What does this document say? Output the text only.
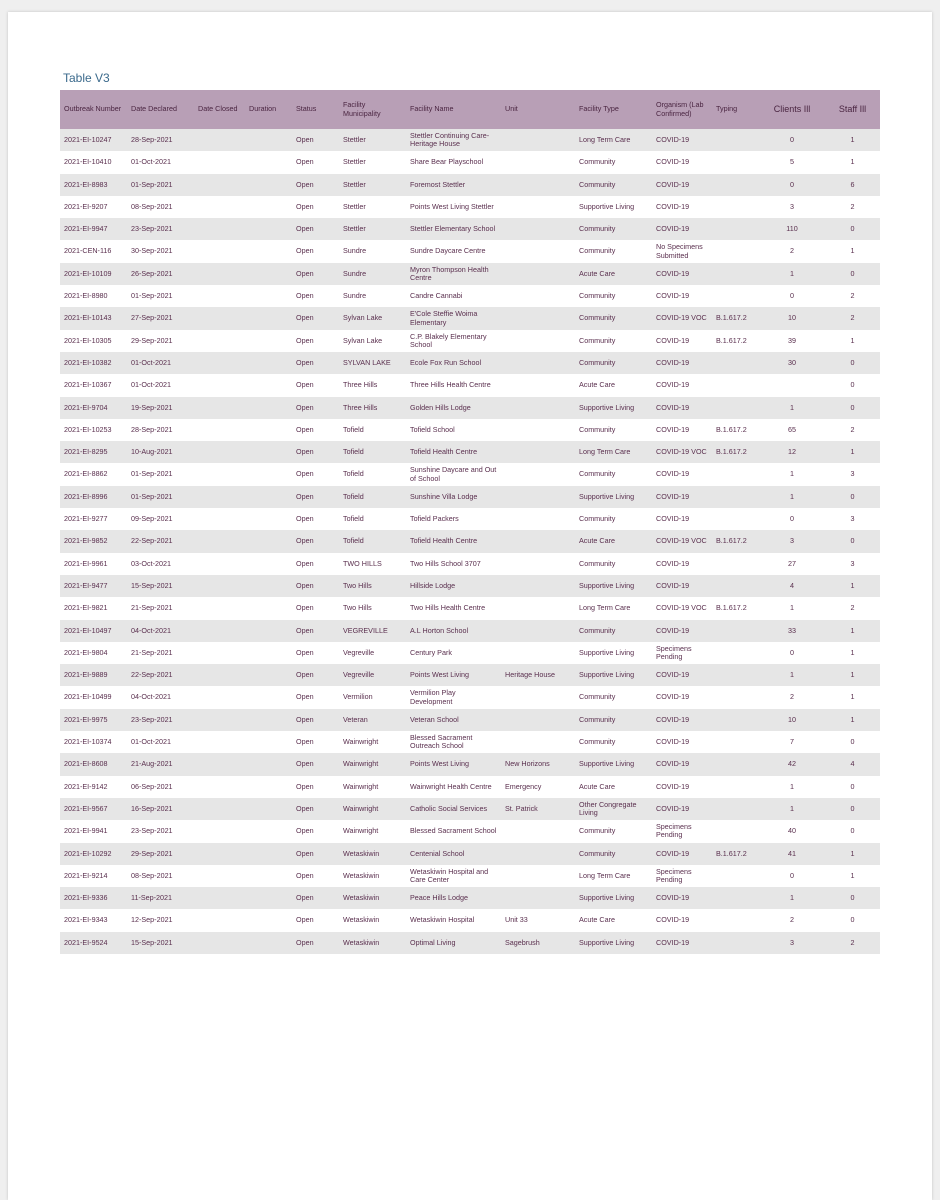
Table V3
Outbreak Number	Date Declared	Date Closed	Duration	Status	Facility Municipality	Facility Name	Unit	Facility Type	Organism (Lab Confirmed)	Typing	Clients Ill	Staff Ill
2021-EI-10247	28-Sep-2021			Open	Stettler	Stettler Continuing Care-Heritage House		Long Term Care	COVID-19		0	1
2021-EI-10410	01-Oct-2021			Open	Stettler	Share Bear Playschool		Community	COVID-19		5	1
2021-EI-8983	01-Sep-2021			Open	Stettler	Foremost Stettler		Community	COVID-19		0	6
2021-EI-9207	08-Sep-2021			Open	Stettler	Points West Living Stettler		Supportive Living	COVID-19		3	2
2021-EI-9947	23-Sep-2021			Open	Stettler	Stettler Elementary School		Community	COVID-19		110	0
2021-CEN-116	30-Sep-2021			Open	Sundre	Sundre Daycare Centre		Community	No Specimens Submitted		2	1
2021-EI-10109	26-Sep-2021			Open	Sundre	Myron Thompson Health Centre		Acute Care	COVID-19		1	0
2021-EI-8980	01-Sep-2021			Open	Sundre	Candre Cannabi		Community	COVID-19		0	2
2021-EI-10143	27-Sep-2021			Open	Sylvan Lake	E'Cole Steffie Woima Elementary		Community	COVID-19 VOC	B.1.617.2	10	2
2021-EI-10305	29-Sep-2021			Open	Sylvan Lake	C.P. Blakely Elementary School		Community	COVID-19	B.1.617.2	39	1
2021-EI-10382	01-Oct-2021			Open	SYLVAN LAKE	Ecole Fox Run School		Community	COVID-19		30	0
2021-EI-10367	01-Oct-2021			Open	Three Hills	Three Hills Health Centre		Acute Care	COVID-19			0
2021-EI-9704	19-Sep-2021			Open	Three Hills	Golden Hills Lodge		Supportive Living	COVID-19		1	0
2021-EI-10253	28-Sep-2021			Open	Tofield	Tofield School		Community	COVID-19	B.1.617.2	65	2
2021-EI-8295	10-Aug-2021			Open	Tofield	Tofield Health Centre		Long Term Care	COVID-19 VOC	B.1.617.2	12	1
2021-EI-8862	01-Sep-2021			Open	Tofield	Sunshine Daycare and Out of School		Community	COVID-19		1	3
2021-EI-8996	01-Sep-2021			Open	Tofield	Sunshine Villa Lodge		Supportive Living	COVID-19		1	0
2021-EI-9277	09-Sep-2021			Open	Tofield	Tofield Packers		Community	COVID-19		0	3
2021-EI-9852	22-Sep-2021			Open	Tofield	Tofield Health Centre		Acute Care	COVID-19 VOC	B.1.617.2	3	0
2021-EI-9961	03-Oct-2021			Open	TWO HILLS	Two Hills School 3707		Community	COVID-19		27	3
2021-EI-9477	15-Sep-2021			Open	Two Hills	Hillside Lodge		Supportive Living	COVID-19		4	1
2021-EI-9821	21-Sep-2021			Open	Two Hills	Two Hills Health Centre		Long Term Care	COVID-19 VOC	B.1.617.2	1	2
2021-EI-10497	04-Oct-2021			Open	VEGREVILLE	A.L Horton School		Community	COVID-19		33	1
2021-EI-9804	21-Sep-2021			Open	Vegreville	Century Park		Supportive Living	Specimens Pending		0	1
2021-EI-9889	22-Sep-2021			Open	Vegreville	Points West Living	Heritage House	Supportive Living	COVID-19		1	1
2021-EI-10499	04-Oct-2021			Open	Vermilion	Vermilion Play Development		Community	COVID-19		2	1
2021-EI-9975	23-Sep-2021			Open	Veteran	Veteran School		Community	COVID-19		10	1
2021-EI-10374	01-Oct-2021			Open	Wainwright	Blessed Sacrament Outreach School		Community	COVID-19		7	0
2021-EI-8608	21-Aug-2021			Open	Wainwright	Points West Living	New Horizons	Supportive Living	COVID-19		42	4
2021-EI-9142	06-Sep-2021			Open	Wainwright	Wainwright Health Centre	Emergency	Acute Care	COVID-19		1	0
2021-EI-9567	16-Sep-2021			Open	Wainwright	Catholic Social Services	St. Patrick	Other Congregate Living	COVID-19		1	0
2021-EI-9941	23-Sep-2021			Open	Wainwright	Blessed Sacrament School		Community	Specimens Pending		40	0
2021-EI-10292	29-Sep-2021			Open	Wetaskiwin	Centenial School		Community	COVID-19	B.1.617.2	41	1
2021-EI-9214	08-Sep-2021			Open	Wetaskiwin	Wetaskiwin Hospital and Care Center		Long Term Care	Specimens Pending		0	1
2021-EI-9336	11-Sep-2021			Open	Wetaskiwin	Peace Hills Lodge		Supportive Living	COVID-19		1	0
2021-EI-9343	12-Sep-2021			Open	Wetaskiwin	Wetaskiwin Hospital	Unit 33	Acute Care	COVID-19		2	0
2021-EI-9524	15-Sep-2021			Open	Wetaskiwin	Optimal Living	Sagebrush	Supportive Living	COVID-19		3	2
